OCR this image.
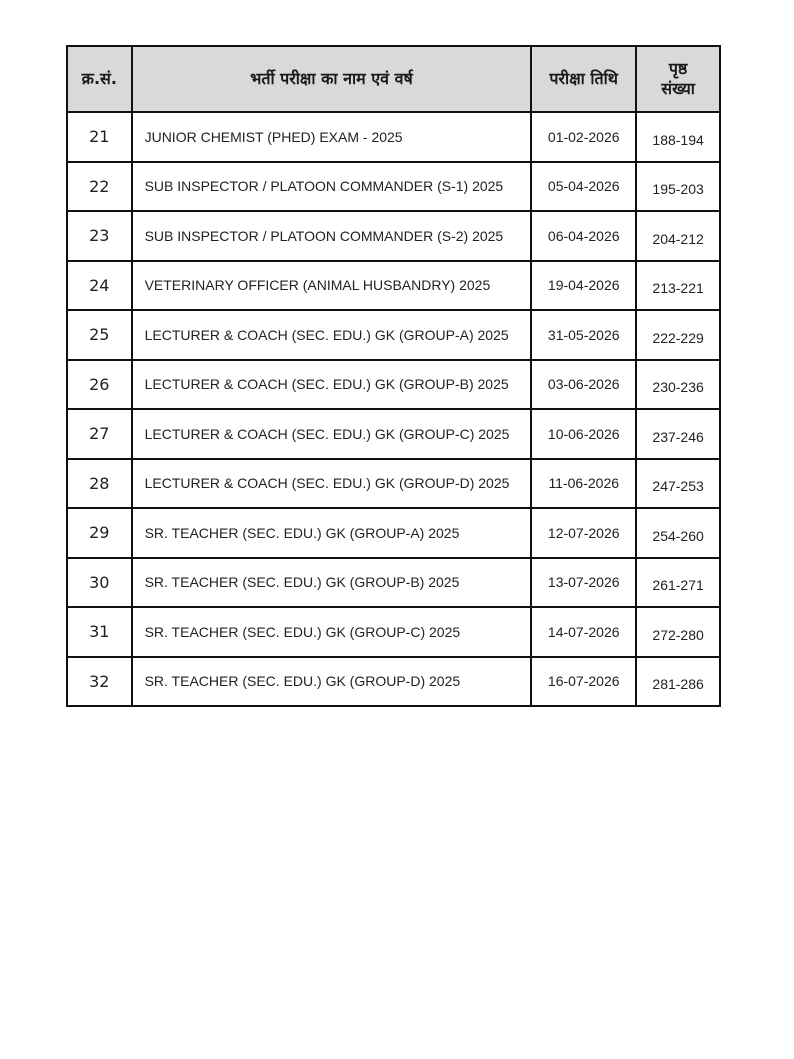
क्र.सं.	भर्ती परीक्षा का नाम एवं वर्ष	परीक्षा तिथि	पृष्ठ
संख्या

21	JUNIOR CHEMIST (PHED) EXAM - 2025	01-02-2026	188-194
22	SUB INSPECTOR / PLATOON COMMANDER (S-1) 2025	05-04-2026	195-203
23	SUB INSPECTOR / PLATOON COMMANDER (S-2) 2025	06-04-2026	204-212
24	VETERINARY OFFICER (ANIMAL HUSBANDRY) 2025	19-04-2026	213-221
25	LECTURER & COACH (SEC. EDU.) GK (GROUP-A) 2025	31-05-2026	222-229
26	LECTURER & COACH (SEC. EDU.) GK (GROUP-B) 2025	03-06-2026	230-236
27	LECTURER & COACH (SEC. EDU.) GK (GROUP-C) 2025	10-06-2026	237-246
28	LECTURER & COACH (SEC. EDU.) GK (GROUP-D) 2025	11-06-2026	247-253
29	SR. TEACHER (SEC. EDU.) GK (GROUP-A) 2025	12-07-2026	254-260
30	SR. TEACHER (SEC. EDU.) GK (GROUP-B) 2025	13-07-2026	261-271
31	SR. TEACHER (SEC. EDU.) GK (GROUP-C) 2025	14-07-2026	272-280
32	SR. TEACHER (SEC. EDU.) GK (GROUP-D) 2025	16-07-2026	281-286
